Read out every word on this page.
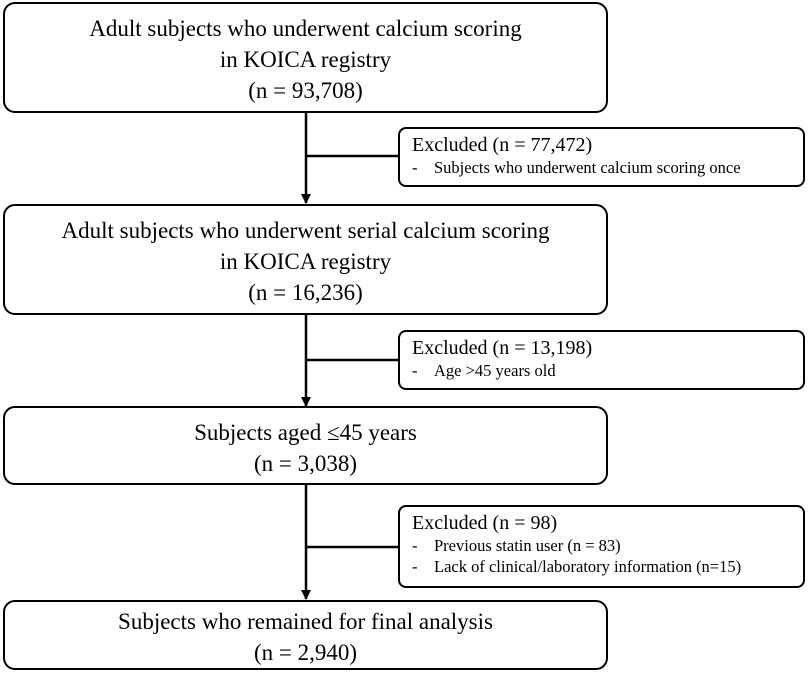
Adult subjects who underwent calcium scoring
in KOICA registry
(n = 93,708)
Adult subjects who underwent serial calcium scoring
in KOICA registry
(n = 16,236)
Subjects aged ≤45 years
(n = 3,038)
Subjects who remained for final analysis
(n = 2,940)
Excluded (n = 77,472)
- Subjects who underwent calcium scoring once
Excluded (n = 13,198)
- Age >45 years old
Excluded (n = 98)
- Previous statin user (n = 83)
- Lack of clinical/laboratory information (n=15)
